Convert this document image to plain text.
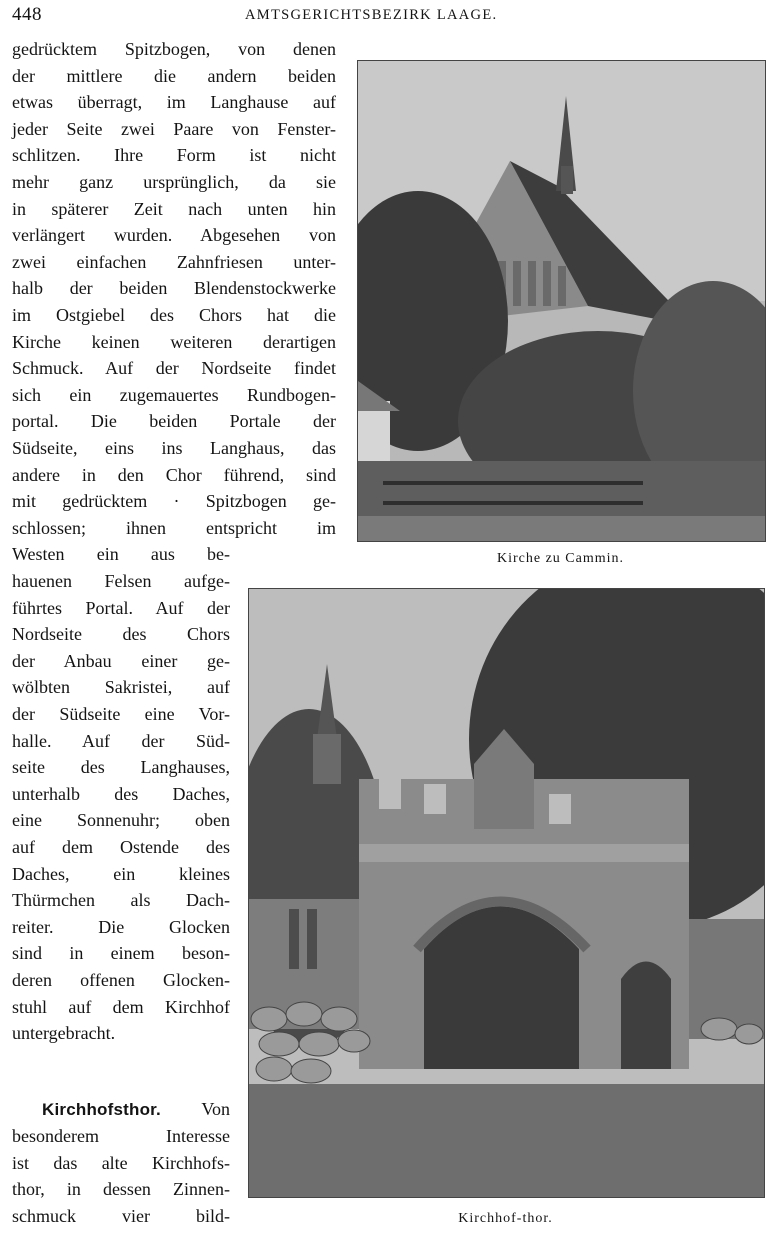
448	AMTSGERICHTSBEZIRK LAAGE.
gedrücktem Spitzbogen, von denen
der mittlere die andern beiden
etwas überragt, im Langhause auf
jeder Seite zwei Paare von Fenster-
schlitzen. Ihre Form ist nicht
mehr ganz ursprünglich, da sie
in späterer Zeit nach unten hin
verlängert wurden. Abgesehen von
zwei einfachen Zahnfriesen unter-
halb der beiden Blendenstockwerke
im Ostgiebel des Chors hat die
Kirche keinen weiteren derartigen
Schmuck. Auf der Nordseite findet
sich ein zugemauertes Rundbogen-
portal. Die beiden Portale der
Südseite, eins ins Langhaus, das
andere in den Chor führend, sind
mit gedrücktem · Spitzbogen ge-
schlossen; ihnen entspricht im
Westen ein aus be-
hauenen Felsen aufge-
führtes Portal. Auf der
Nordseite des Chors
der Anbau einer ge-
wölbten Sakristei, auf
der Südseite eine Vor-
halle. Auf der Süd-
seite des Langhauses,
unterhalb des Daches,
eine Sonnenuhr; oben
auf dem Ostende des
Daches, ein kleines
Thürmchen als Dach-
reiter. Die Glocken
sind in einem beson-
deren offenen Glocken-
stuhl auf dem Kirchhof
untergebracht.
Kirche zu Cammin.
Kirchhof-thor.
Kirchhofsthor. Von
besonderem Interesse
ist das alte Kirchhofs-
thor, in dessen Zinnen-
schmuck vier bild-
